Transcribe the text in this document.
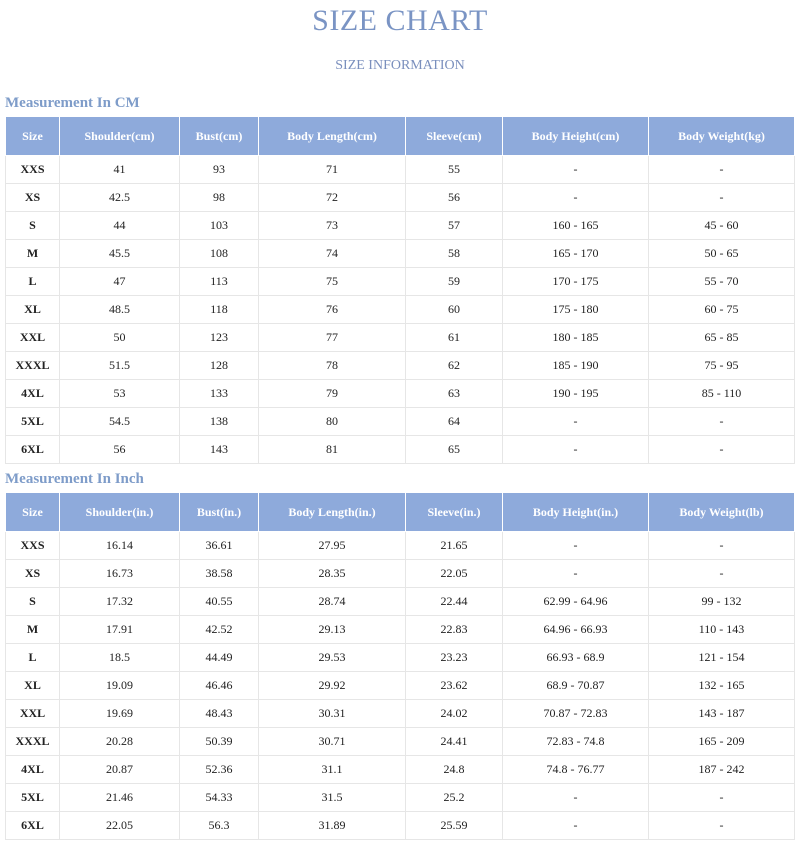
SIZE CHART
SIZE INFORMATION
Measurement In CM
Size	Shoulder(cm)	Bust(cm)	Body Length(cm)	Sleeve(cm)	Body Height(cm)	Body Weight(kg)
XXS	41	93	71	55	-	-
XS	42.5	98	72	56	-	-
S	44	103	73	57	160 - 165	45 - 60
M	45.5	108	74	58	165 - 170	50 - 65
L	47	113	75	59	170 - 175	55 - 70
XL	48.5	118	76	60	175 - 180	60 - 75
XXL	50	123	77	61	180 - 185	65 - 85
XXXL	51.5	128	78	62	185 - 190	75 - 95
4XL	53	133	79	63	190 - 195	85 - 110
5XL	54.5	138	80	64	-	-
6XL	56	143	81	65	-	-
Measurement In Inch
Size	Shoulder(in.)	Bust(in.)	Body Length(in.)	Sleeve(in.)	Body Height(in.)	Body Weight(lb)
XXS	16.14	36.61	27.95	21.65	-	-
XS	16.73	38.58	28.35	22.05	-	-
S	17.32	40.55	28.74	22.44	62.99 - 64.96	99 - 132
M	17.91	42.52	29.13	22.83	64.96 - 66.93	110 - 143
L	18.5	44.49	29.53	23.23	66.93 - 68.9	121 - 154
XL	19.09	46.46	29.92	23.62	68.9 - 70.87	132 - 165
XXL	19.69	48.43	30.31	24.02	70.87 - 72.83	143 - 187
XXXL	20.28	50.39	30.71	24.41	72.83 - 74.8	165 - 209
4XL	20.87	52.36	31.1	24.8	74.8 - 76.77	187 - 242
5XL	21.46	54.33	31.5	25.2	-	-
6XL	22.05	56.3	31.89	25.59	-	-
